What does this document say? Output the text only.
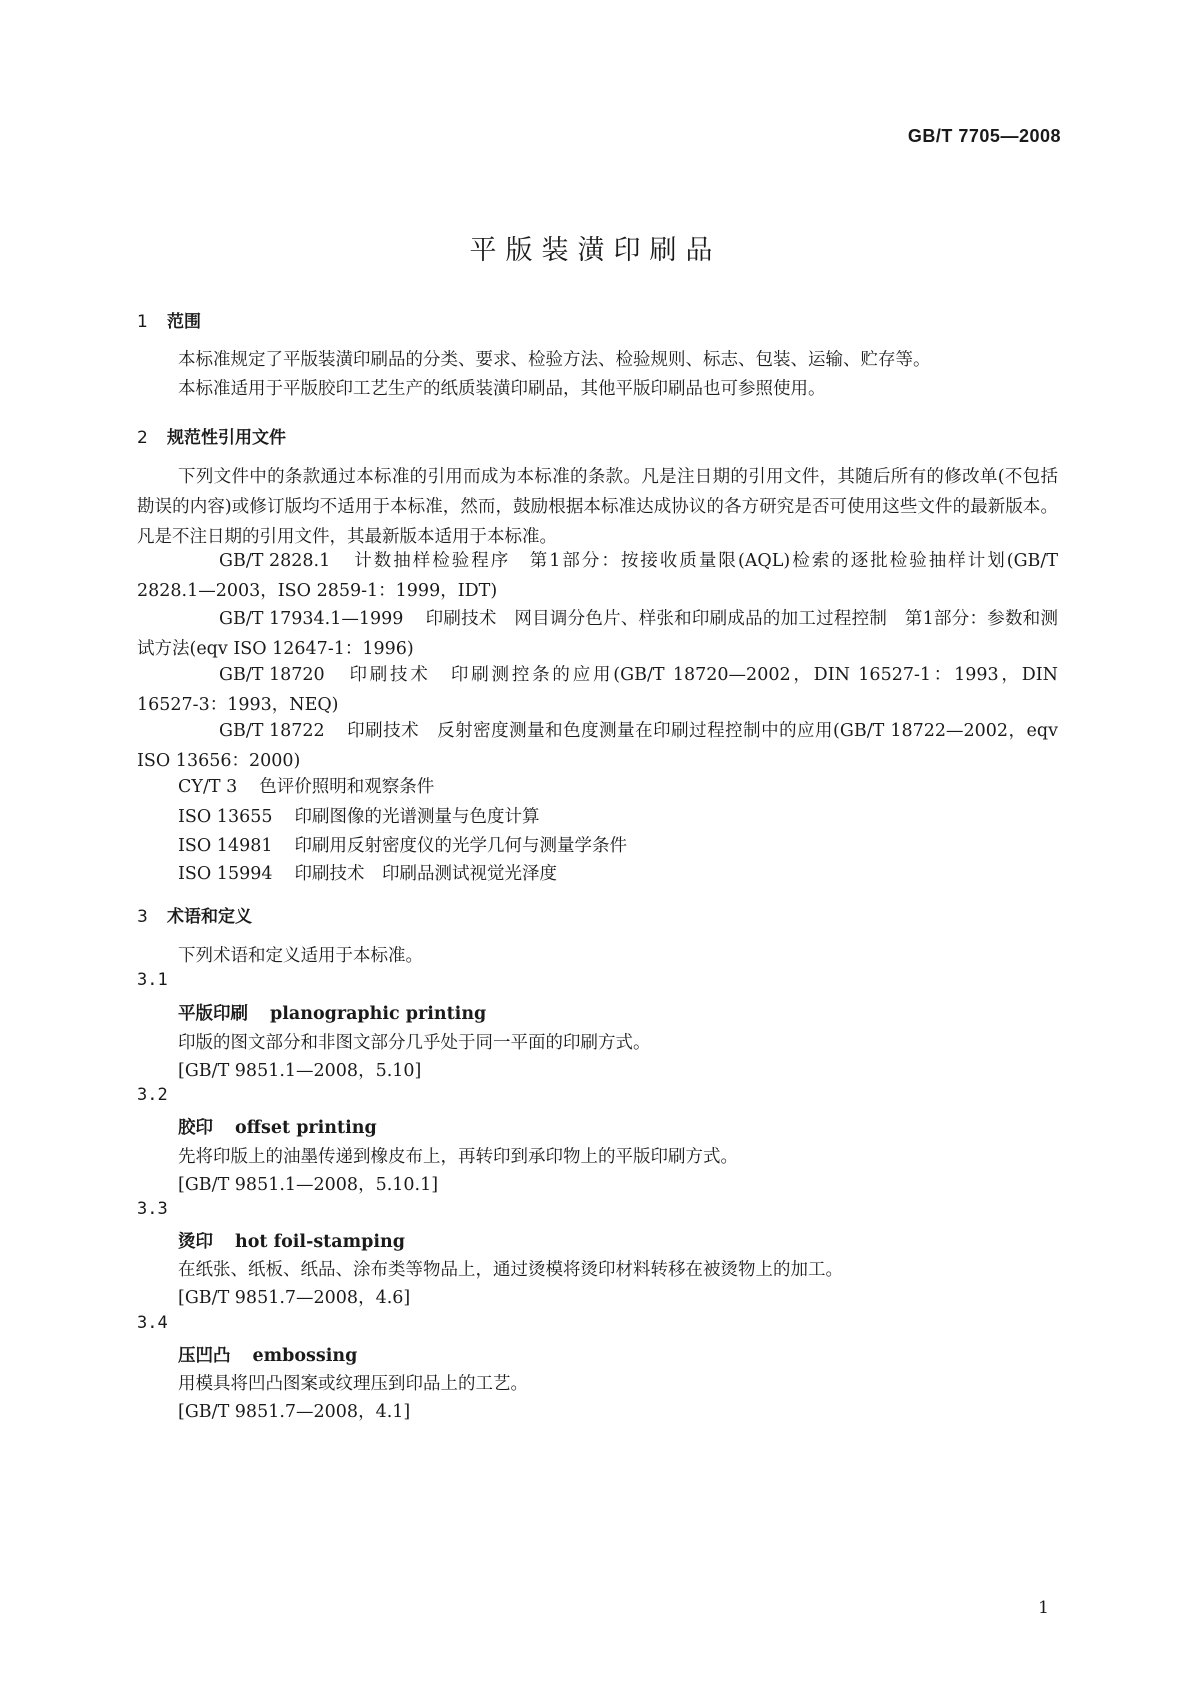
GB/T 7705—2008
平版装潢印刷品
1 范围
本标准规定了平版装潢印刷品的分类、要求、检验方法、检验规则、标志、包装、运输、贮存等。
本标准适用于平版胶印工艺生产的纸质装潢印刷品，其他平版印刷品也可参照使用。
2 规范性引用文件
下列文件中的条款通过本标准的引用而成为本标准的条款。凡是注日期的引用文件，其随后所有的修改单(不包括勘误的内容)或修订版均不适用于本标准，然而，鼓励根据本标准达成协议的各方研究是否可使用这些文件的最新版本。凡是不注日期的引用文件，其最新版本适用于本标准。
GB/T 2828.1 计数抽样检验程序　第1部分：按接收质量限(AQL)检索的逐批检验抽样计划(GB/T 2828.1—2003，ISO 2859-1：1999，IDT)
GB/T 17934.1—1999 印刷技术　网目调分色片、样张和印刷成品的加工过程控制　第1部分：参数和测试方法(eqv ISO 12647-1：1996)
GB/T 18720 印刷技术　印刷测控条的应用(GB/T 18720—2002，DIN 16527-1：1993，DIN 16527-3：1993，NEQ)
GB/T 18722 印刷技术　反射密度测量和色度测量在印刷过程控制中的应用(GB/T 18722—2002，eqv ISO 13656：2000)
CY/T 3 色评价照明和观察条件
ISO 13655 印刷图像的光谱测量与色度计算
ISO 14981 印刷用反射密度仪的光学几何与测量学条件
ISO 15994 印刷技术　印刷品测试视觉光泽度
3 术语和定义
下列术语和定义适用于本标准。
3.1
平版印刷 planographic printing
印版的图文部分和非图文部分几乎处于同一平面的印刷方式。
[GB/T 9851.1—2008，5.10]
3.2
胶印 offset printing
先将印版上的油墨传递到橡皮布上，再转印到承印物上的平版印刷方式。
[GB/T 9851.1—2008，5.10.1]
3.3
烫印 hot foil-stamping
在纸张、纸板、纸品、涂布类等物品上，通过烫模将烫印材料转移在被烫物上的加工。
[GB/T 9851.7—2008，4.6]
3.4
压凹凸 embossing
用模具将凹凸图案或纹理压到印品上的工艺。
[GB/T 9851.7—2008，4.1]
1
